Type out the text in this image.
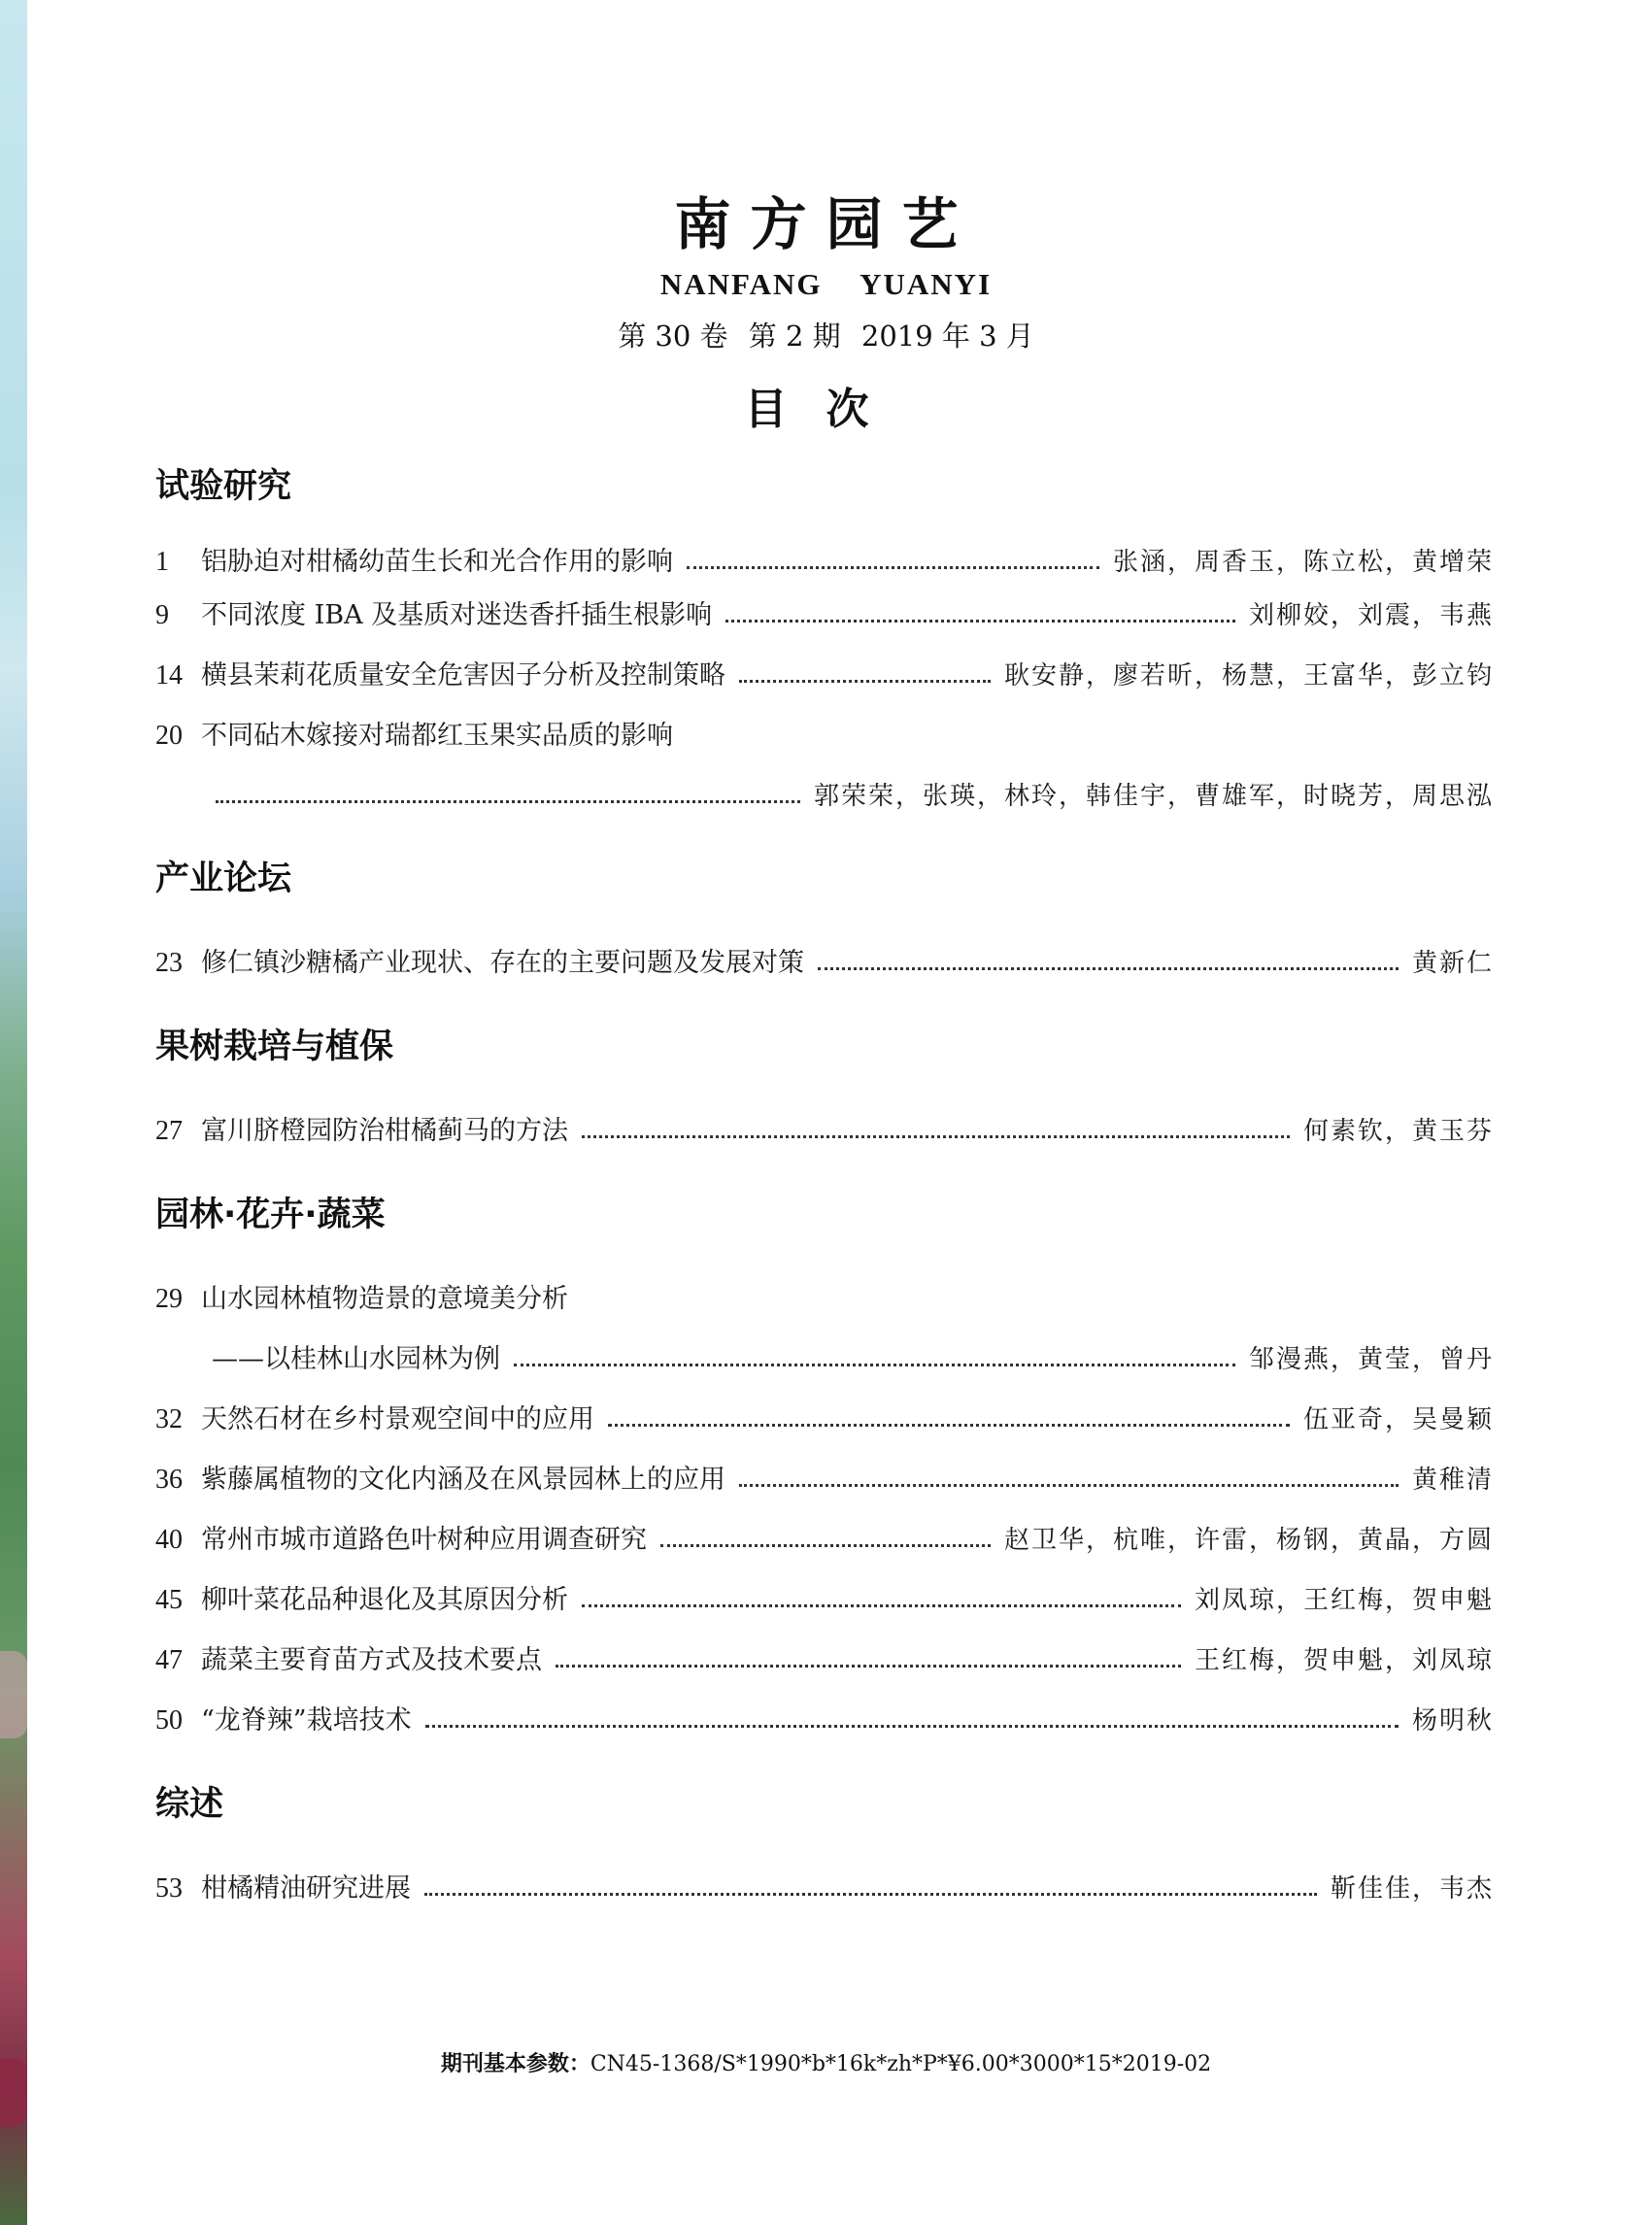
南方园艺
NANFANG YUANYI
第 30 卷 第 2 期 2019 年 3 月
目次
试验研究
1	铝胁迫对柑橘幼苗生长和光合作用的影响	张涵，周香玉，陈立松，黄增荣
9	不同浓度 IBA 及基质对迷迭香扦插生根影响	刘柳姣，刘震，韦燕
14 横县茉莉花质量安全危害因子分析及控制策略	耿安静，廖若昕，杨慧，王富华，彭立钧
20 不同砧木嫁接对瑞都红玉果实品质的影响
郭荣荣，张瑛，林玲，韩佳宇，曹雄军，时晓芳，周思泓
产业论坛
23 修仁镇沙糖橘产业现状、存在的主要问题及发展对策	黄新仁
果树栽培与植保
27 富川脐橙园防治柑橘蓟马的方法	何素钦，黄玉芬
园林·花卉·蔬菜
29 山水园林植物造景的意境美分析
——以桂林山水园林为例	邹漫燕，黄莹，曾丹
32 天然石材在乡村景观空间中的应用	伍亚奇，吴曼颖
36 紫藤属植物的文化内涵及在风景园林上的应用	黄稚清
40 常州市城市道路色叶树种应用调查研究	赵卫华，杭唯，许雷，杨钢，黄晶，方圆
45 柳叶菜花品种退化及其原因分析	刘凤琼，王红梅，贺申魁
47 蔬菜主要育苗方式及技术要点	王红梅，贺申魁，刘凤琼
50 “龙脊辣”栽培技术	杨明秋
综述
53 柑橘精油研究进展	靳佳佳，韦杰
期刊基本参数：CN45-1368/S*1990*b*16k*zh*P*¥6.00*3000*15*2019-02
